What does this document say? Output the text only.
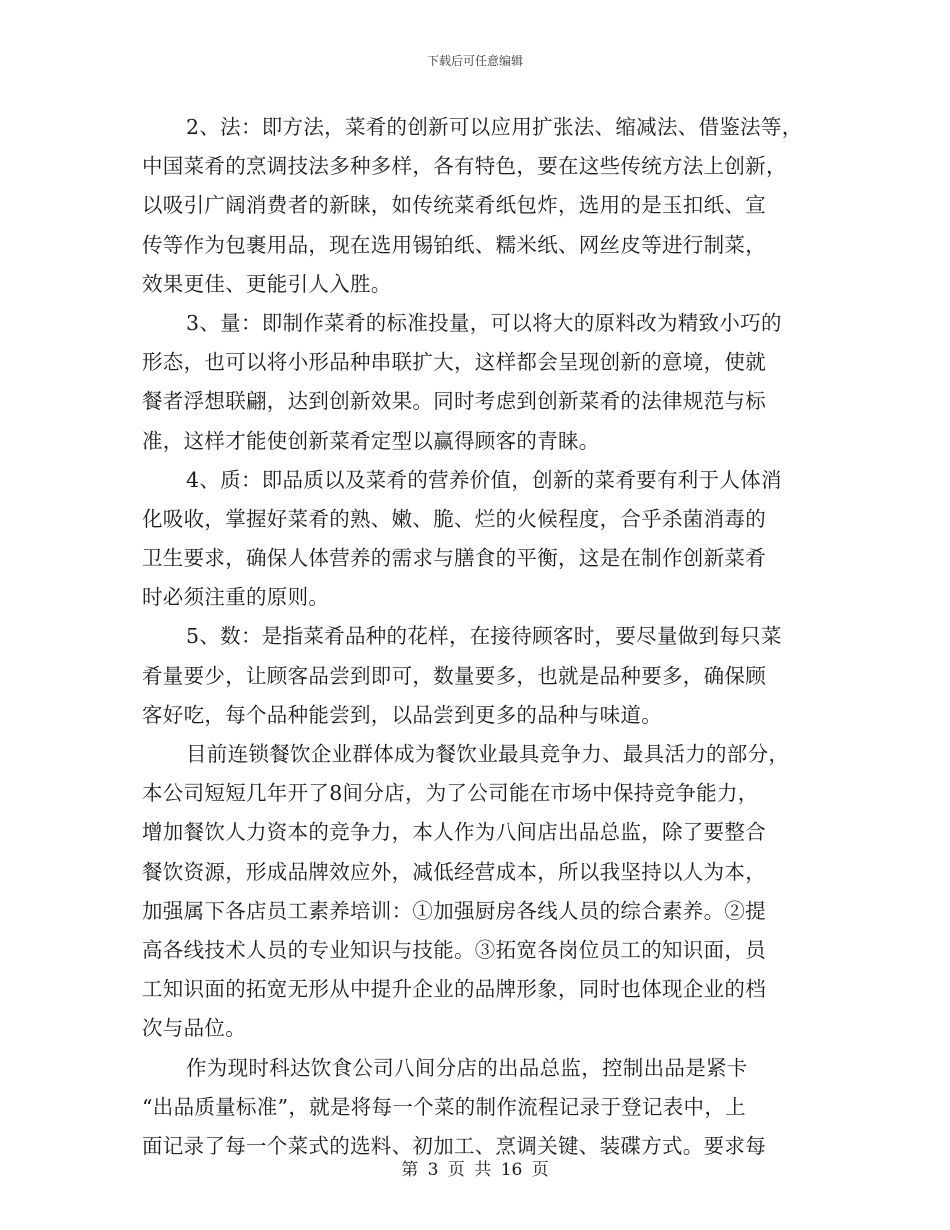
下载后可任意编辑
2、法：即方法，菜肴的创新可以应用扩张法、缩减法、借鉴法等，
中国菜肴的烹调技法多种多样，各有特色，要在这些传统方法上创新，
以吸引广阔消费者的新睐，如传统菜肴纸包炸，选用的是玉扣纸、宣
传等作为包裹用品，现在选用锡铂纸、糯米纸、网丝皮等进行制菜，
效果更佳、更能引人入胜。
3、量：即制作菜肴的标准投量，可以将大的原料改为精致小巧的
形态，也可以将小形品种串联扩大，这样都会呈现创新的意境，使就
餐者浮想联翩，达到创新效果。同时考虑到创新菜肴的法律规范与标
准，这样才能使创新菜肴定型以赢得顾客的青睐。
4、质：即品质以及菜肴的营养价值，创新的菜肴要有利于人体消
化吸收，掌握好菜肴的熟、嫩、脆、烂的火候程度，合乎杀菌消毒的
卫生要求，确保人体营养的需求与膳食的平衡，这是在制作创新菜肴
时必须注重的原则。
5、数：是指菜肴品种的花样，在接待顾客时，要尽量做到每只菜
肴量要少，让顾客品尝到即可，数量要多，也就是品种要多，确保顾
客好吃，每个品种能尝到，以品尝到更多的品种与味道。
目前连锁餐饮企业群体成为餐饮业最具竞争力、最具活力的部分，
本公司短短几年开了8间分店，为了公司能在市场中保持竞争能力，
增加餐饮人力资本的竞争力，本人作为八间店出品总监，除了要整合
餐饮资源，形成品牌效应外，减低经营成本，所以我坚持以人为本，
加强属下各店员工素养培训：①加强厨房各线人员的综合素养。②提
高各线技术人员的专业知识与技能。③拓宽各岗位员工的知识面，员
工知识面的拓宽无形从中提升企业的品牌形象，同时也体现企业的档
次与品位。
作为现时科达饮食公司八间分店的出品总监，控制出品是紧卡
“出品质量标准”，就是将每一个菜的制作流程记录于登记表中，上
面记录了每一个菜式的选料、初加工、烹调关键、装碟方式。要求每
第 3 页 共 16 页
